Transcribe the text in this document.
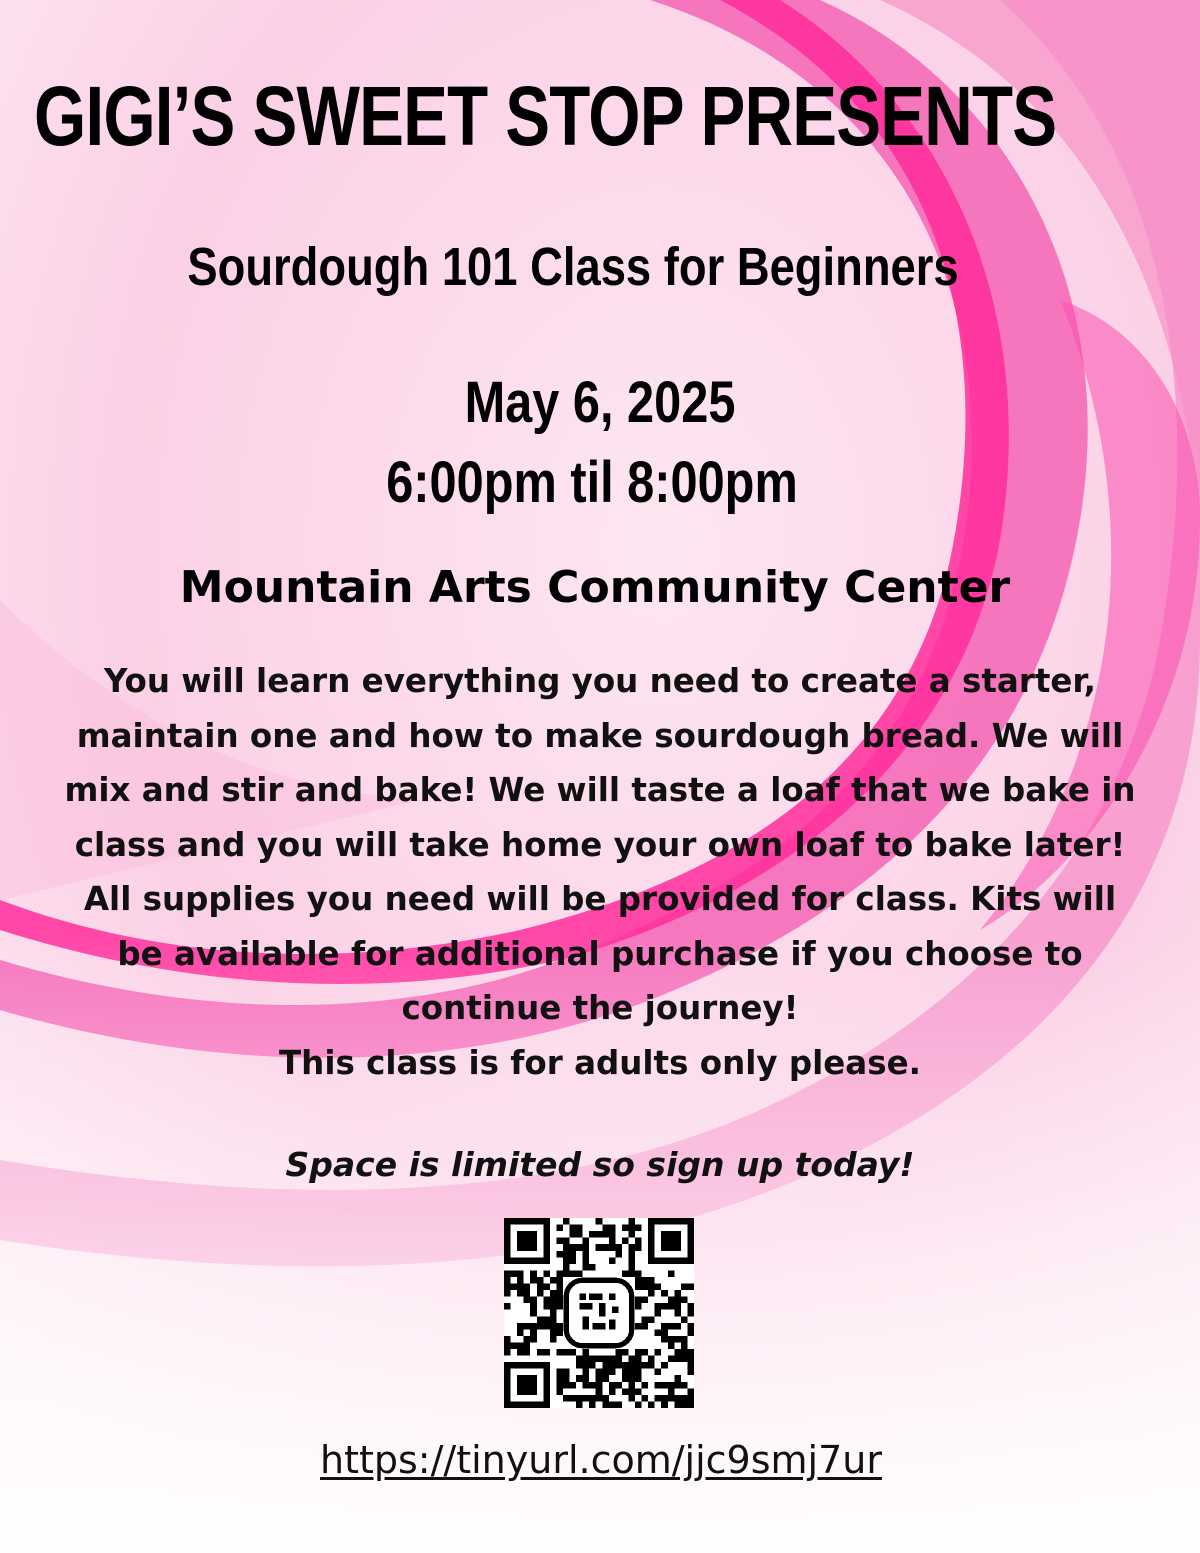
GIGI’S SWEET STOP PRESENTS
Sourdough 101 Class for Beginners
May 6, 2025
6:00pm til 8:00pm
Mountain Arts Community Center
You will learn everything you need to create a starter,
maintain one and how to make sourdough bread. We will
mix and stir and bake! We will taste a loaf that we bake in
class and you will take home your own loaf to bake later!
All supplies you need will be provided for class. Kits will
be available for additional purchase if you choose to
continue the journey!
This class is for adults only please.
Space is limited so sign up today!
https://tinyurl.com/jjc9smj7ur
